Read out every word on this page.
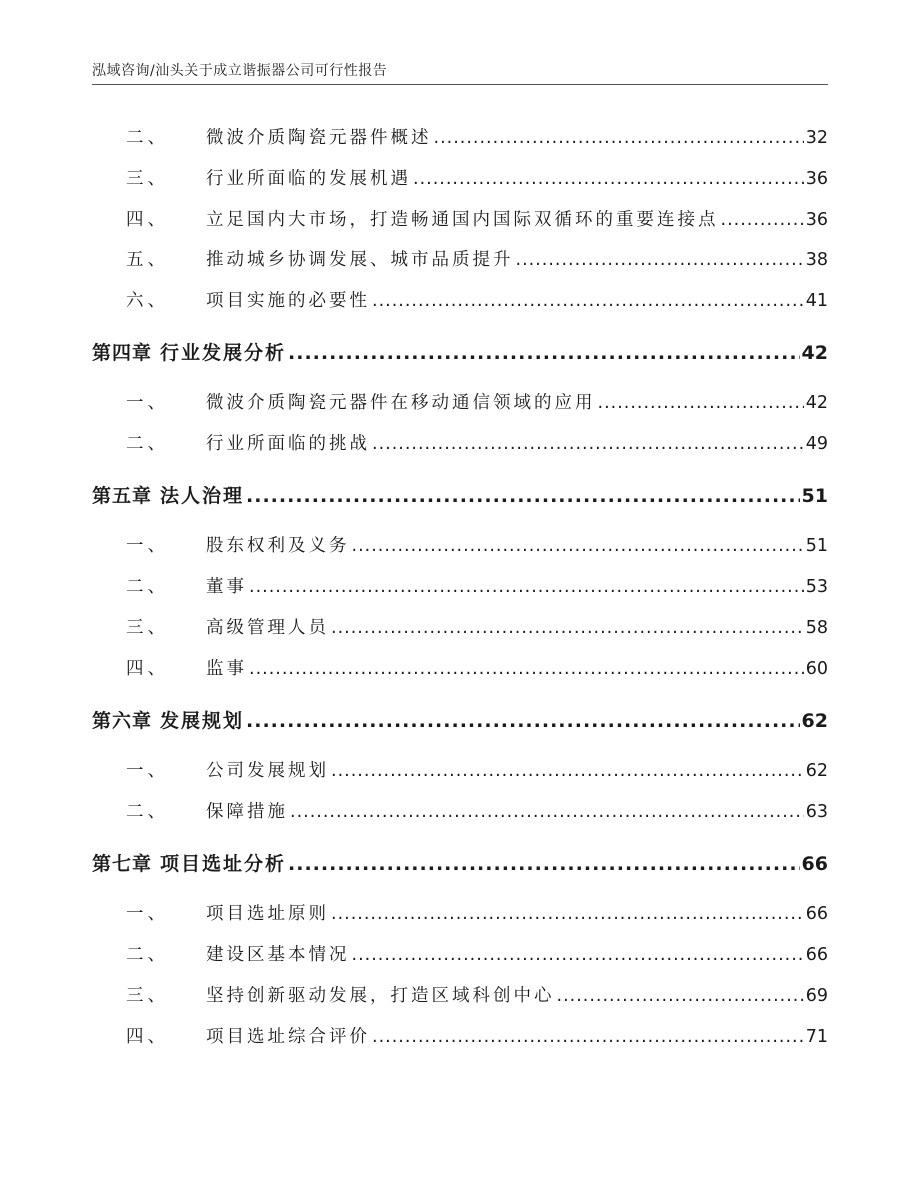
泓域咨询/汕头关于成立谐振器公司可行性报告
二、	微波介质陶瓷元器件概述 .....	32
三、	行业所面临的发展机遇 .....	36
四、	立足国内大市场，打造畅通国内国际双循环的重要连接点 .....	36
五、	推动城乡协调发展、城市品质提升 .....	38
六、	项目实施的必要性 .....	41
第四章 行业发展分析 .....	42
一、	微波介质陶瓷元器件在移动通信领域的应用 .....	42
二、	行业所面临的挑战 .....	49
第五章 法人治理 .....	51
一、	股东权利及义务 .....	51
二、	董事 .....	53
三、	高级管理人员 .....	58
四、	监事 .....	60
第六章 发展规划 .....	62
一、	公司发展规划 .....	62
二、	保障措施 .....	63
第七章 项目选址分析 .....	66
一、	项目选址原则 .....	66
二、	建设区基本情况 .....	66
三、	坚持创新驱动发展，打造区域科创中心 .....	69
四、	项目选址综合评价 .....	71
